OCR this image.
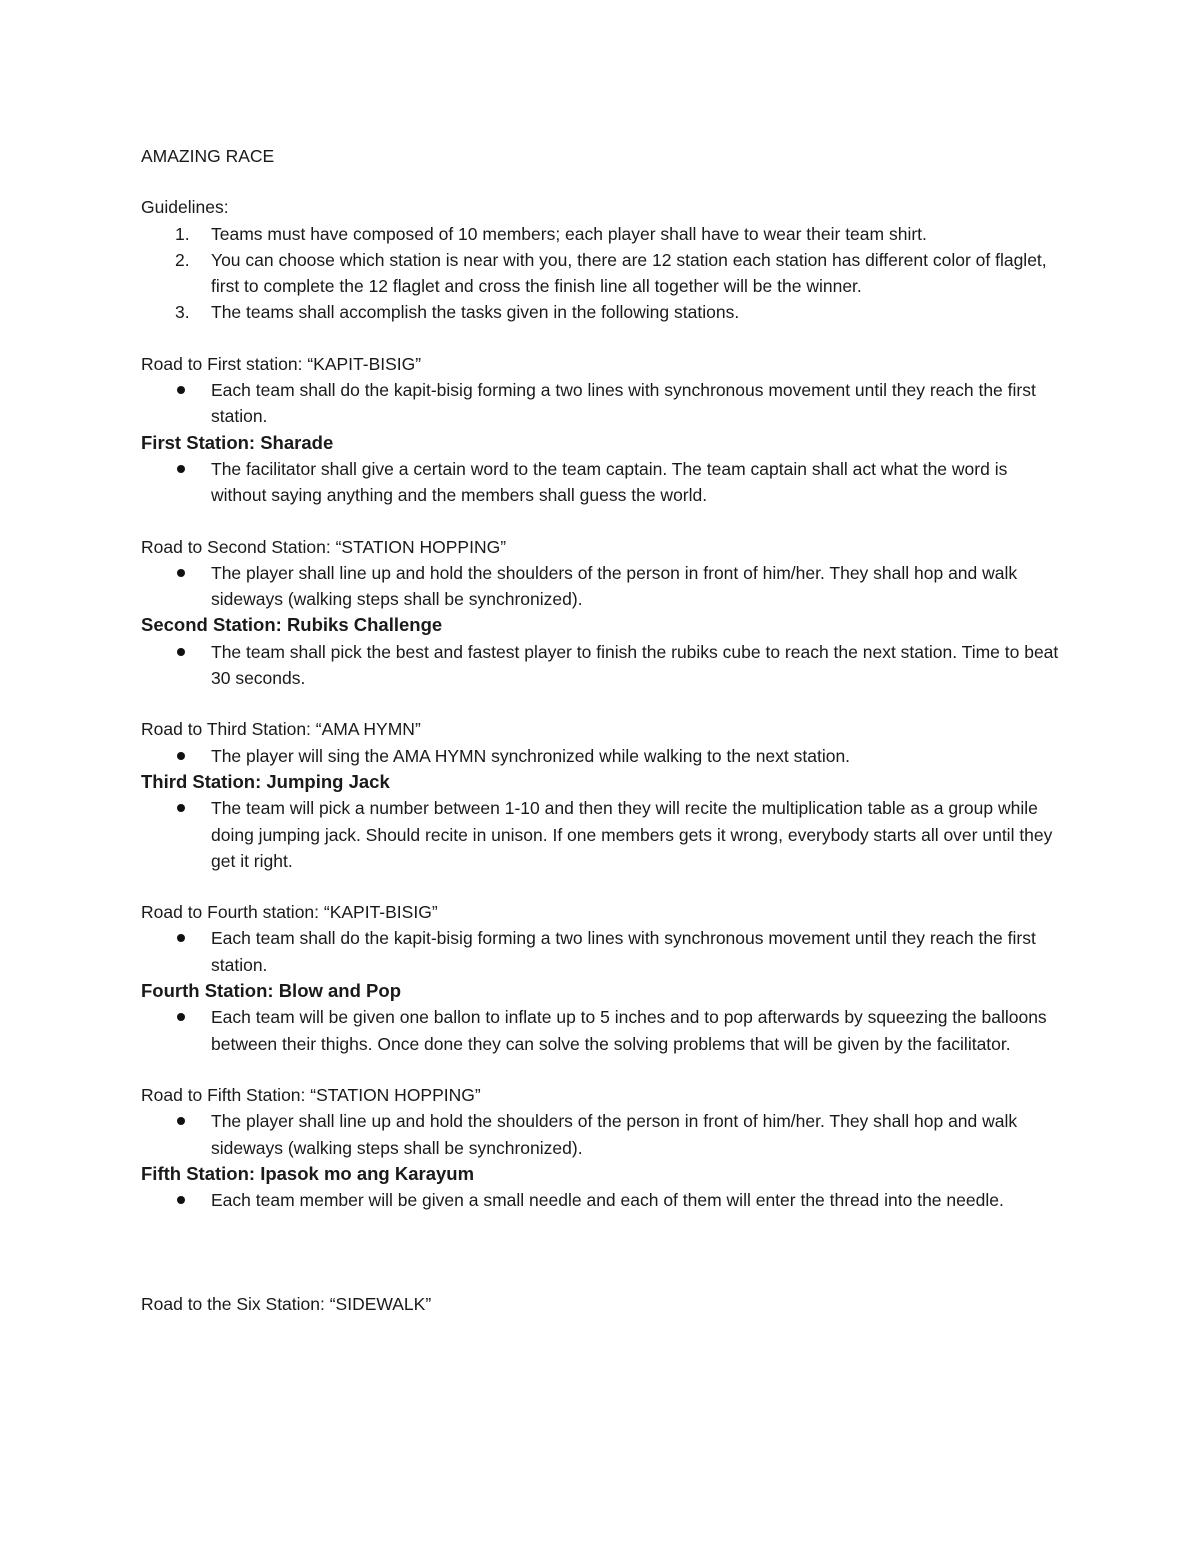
AMAZING RACE
Guidelines:
1. Teams must have composed of 10 members; each player shall have to wear their team shirt.
2. You can choose which station is near with you, there are 12 station each station has different color of flaglet, first to complete the 12 flaglet and cross the finish line all together will be the winner.
3. The teams shall accomplish the tasks given in the following stations.
Road to First station: “KAPIT-BISIG”
Each team shall do the kapit-bisig forming a two lines with synchronous movement until they reach the first station.
First Station: Sharade
The facilitator shall give a certain word to the team captain. The team captain shall act what the word is without saying anything and the members shall guess the world.
Road to Second Station: “STATION HOPPING”
The player shall line up and hold the shoulders of the person in front of him/her. They shall hop and walk sideways (walking steps shall be synchronized).
Second Station: Rubiks Challenge
The team shall pick the best and fastest player to finish the rubiks cube to reach the next station. Time to beat 30 seconds.
Road to Third Station: “AMA HYMN”
The player will sing the AMA HYMN synchronized while walking to the next station.
Third Station: Jumping Jack
The team will pick a number between 1-10 and then they will recite the multiplication table as a group while doing jumping jack. Should recite in unison. If one members gets it wrong, everybody starts all over until they get it right.
Road to Fourth station: “KAPIT-BISIG”
Each team shall do the kapit-bisig forming a two lines with synchronous movement until they reach the first station.
Fourth Station: Blow and Pop
Each team will be given one ballon to inflate up to 5 inches and to pop afterwards by squeezing the balloons between their thighs. Once done they can solve the solving problems that will be given by the facilitator.
Road to Fifth Station: “STATION HOPPING”
The player shall line up and hold the shoulders of the person in front of him/her. They shall hop and walk sideways (walking steps shall be synchronized).
Fifth Station: Ipasok mo ang Karayum
Each team member will be given a small needle and each of them will enter the thread into the needle.
Road to the Six Station: “SIDEWALK”
